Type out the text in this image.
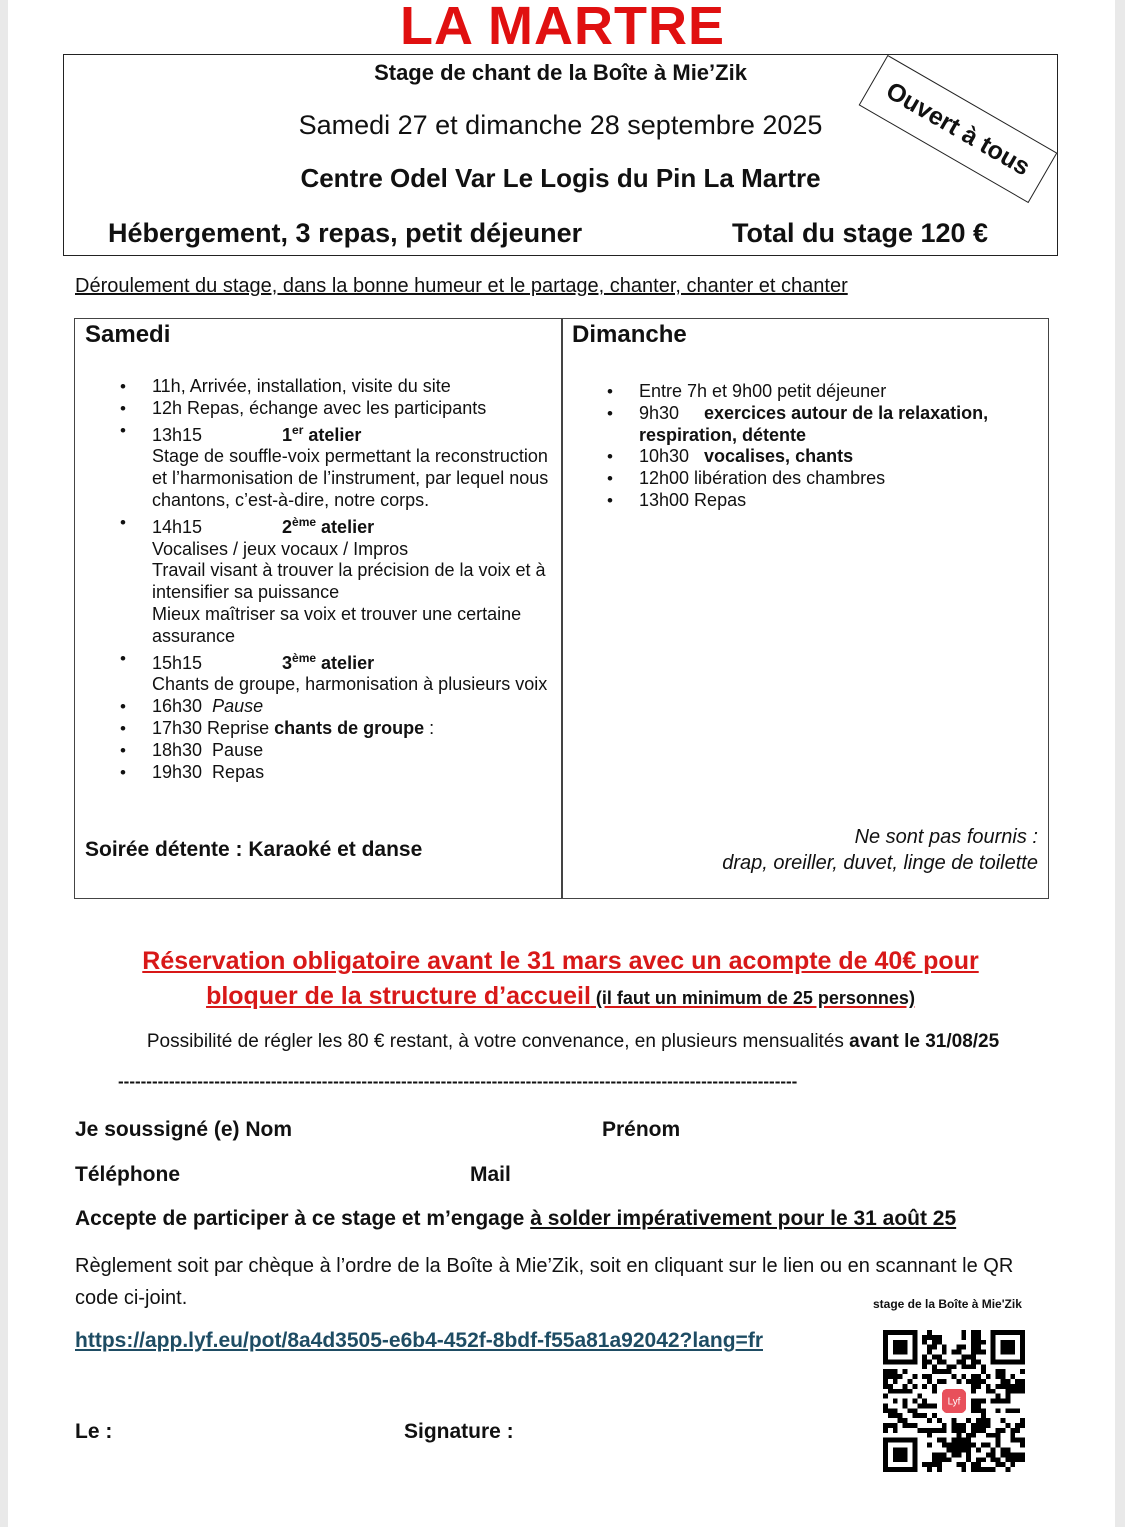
LA MARTRE
Stage de chant de la Boîte à Mie’Zik
Samedi 27 et dimanche 28 septembre 2025
Centre Odel Var Le Logis du Pin La Martre
Hébergement, 3 repas, petit déjeuner	Total du stage 120 €
Ouvert à tous
Déroulement du stage, dans la bonne humeur et le partage, chanter, chanter et chanter
Samedi	Dimanche
• 11h, Arrivée, installation, visite du site
• 12h Repas, échange avec les participants
• 13h15	1er atelier
Stage de souffle-voix permettant la reconstruction et l’harmonisation de l’instrument, par lequel nous chantons, c’est-à-dire, notre corps.
• 14h15	2ème atelier
Vocalises / jeux vocaux / Impros
Travail visant à trouver la précision de la voix et à intensifier sa puissance
Mieux maîtriser sa voix et trouver une certaine assurance
• 15h15	3ème atelier
Chants de groupe, harmonisation à plusieurs voix
• 16h30 Pause
• 17h30 Reprise chants de groupe :
• 18h30  Pause
• 19h30  Repas
• Entre 7h et 9h00 petit déjeuner
• 9h30 exercices autour de la relaxation, respiration, détente
• 10h30 vocalises, chants
• 12h00 libération des chambres
• 13h00 Repas
Soirée détente : Karaoké et danse
Ne sont pas fournis :
drap, oreiller, duvet, linge de toilette
Réservation obligatoire avant le 31 mars avec un acompte de 40€ pour
bloquer de la structure d’accueil (il faut un minimum de 25 personnes)
Possibilité de régler les 80 € restant, à votre convenance, en plusieurs mensualités avant le 31/08/25
------------------------------------------------------------------------------------------------------------------------
Je soussigné (e) Nom	Prénom
Téléphone	Mail
Accepte de participer à ce stage et m’engage à solder impérativement pour le 31 août 25
Règlement soit par chèque à l’ordre de la Boîte à Mie’Zik, soit en cliquant sur le lien ou en scannant le QR code ci-joint.	stage de la Boîte à Mie'Zik
https://app.lyf.eu/pot/8a4d3505-e6b4-452f-8bdf-f55a81a92042?lang=fr
Le :	Signature :
Lyf
